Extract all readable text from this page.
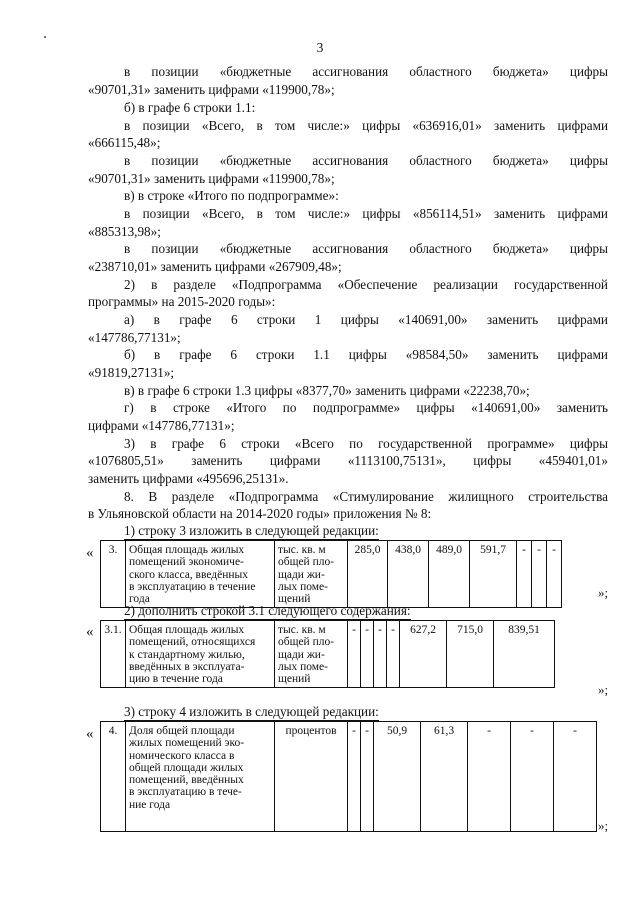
3
в позиции «бюджетные ассигнования областного бюджета» цифры
«90701,31» заменить цифрами «119900,78»;
б) в графе 6 строки 1.1:
в позиции «Всего, в том числе:» цифры «636916,01» заменить цифрами
«666115,48»;
в позиции «бюджетные ассигнования областного бюджета» цифры
«90701,31» заменить цифрами «119900,78»;
в) в строке «Итого по подпрограмме»:
в позиции «Всего, в том числе:» цифры «856114,51» заменить цифрами
«885313,98»;
в позиции «бюджетные ассигнования областного бюджета» цифры
«238710,01» заменить цифрами «267909,48»;
2) в разделе «Подпрограмма «Обеспечение реализации государственной
программы» на 2015-2020 годы»:
а) в графе 6 строки 1 цифры «140691,00» заменить цифрами
«147786,77131»;
б) в графе 6 строки 1.1 цифры «98584,50» заменить цифрами
«91819,27131»;
в) в графе 6 строки 1.3 цифры «8377,70» заменить цифрами «22238,70»;
г) в строке «Итого по подпрограмме» цифры «140691,00» заменить
цифрами «147786,77131»;
3) в графе 6 строки «Всего по государственной программе» цифры
«1076805,51» заменить цифрами «1113100,75131», цифры «459401,01»
заменить цифрами «495696,25131».
8. В разделе «Подпрограмма «Стимулирование жилищного строительства
в Ульяновской области на 2014-2020 годы» приложения № 8:
1) строку 3 изложить в следующей редакции:
« 3.	Общая площадь жилых
помещений экономиче-
ского класса, введённых
в эксплуатацию в течение
года

тыс. кв. м
общей пло-
щади жи-
лых поме-
щений
	285,0	438,0	489,0	591,7	-	-	-
»;
2) дополнить строкой 3.1 следующего содержания:
« 3.1.	Общая площадь жилых
помещений, относящихся
к стандартному жилью,
введённых в эксплуата-
цию в течение года

тыс. кв. м
общей пло-
щади жи-
лых поме-
щений
	-	-	-	-	627,2	715,0	839,51
»;
3) строку 4 изложить в следующей редакции:
« 4.	Доля общей площади
жилых помещений эко-
номического класса в
общей площади жилых
помещений, введённых
в эксплуатацию в тече-
ние года

процентов	-	-	50,9	61,3	-	-	-
»;
